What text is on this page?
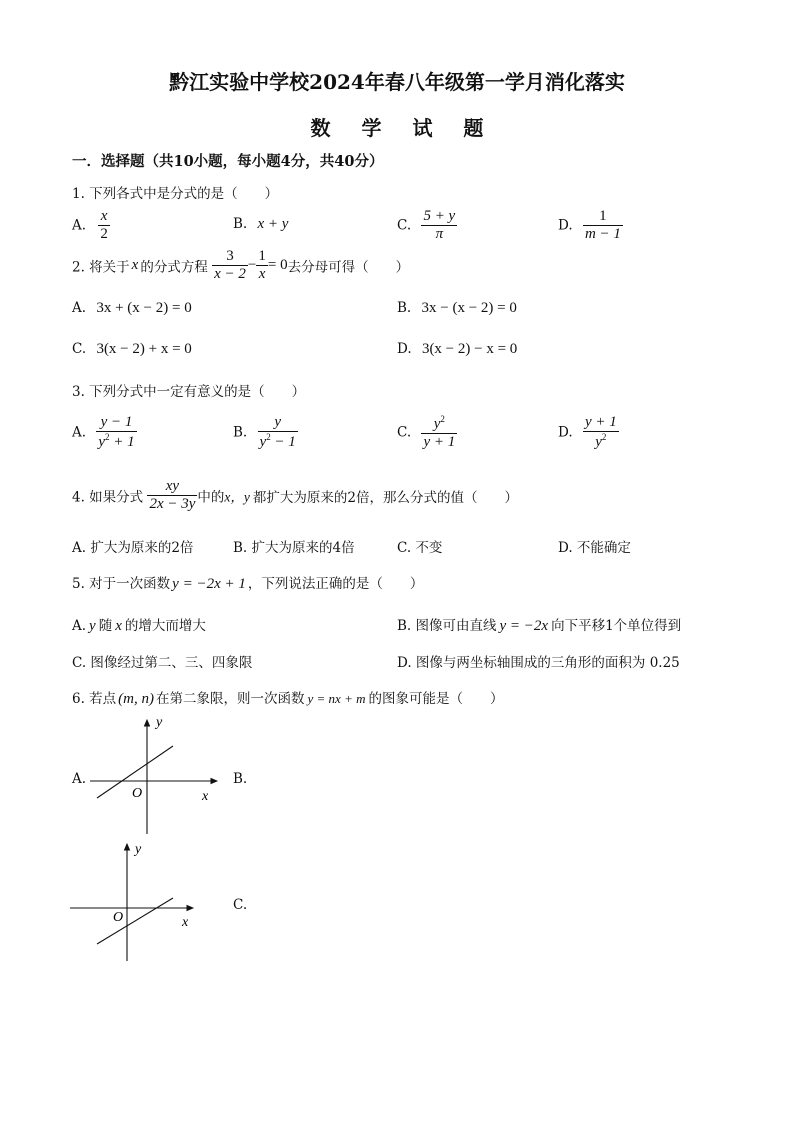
黔江实验中学校2024年春八年级第一学月消化落实
数 学 试 题
一．选择题（共10小题，每小题4分，共40分）
1. 下列各式中是分式的是（　　）
A. $\frac{x}{2}$	B. x + y	C. $\frac{5 + y}{\pi}$	D. $\frac{1}{m - 1}$
2. 将关于 x 的分式方程 $\frac{3}{x - 2} - \frac{1}{x} = 0$去分母可得（　　）
A. 3x + (x − 2) = 0	B. 3x − (x − 2) = 0
C. 3(x − 2) + x = 0	D. 3(x − 2) − x = 0
3. 下列分式中一定有意义的是（　　）
A. $\frac{y - 1}{y^2 + 1}$	B. $\frac{y}{y^2 - 1}$	C. $\frac{y^2}{y + 1}$	D. $\frac{y + 1}{y^2}$
4. 如果分式 $\frac{xy}{2x - 3y}$ 中的x，y 都扩大为原来的2倍，那么分式的值（　　）
A. 扩大为原来的2倍	B. 扩大为原来的4倍	C. 不变	D. 不能确定
5. 对于一次函数 y = −2x + 1 ，下列说法正确的是（　　）
A. y 随 x 的增大而增大	B. 图像可由直线 y = −2x 向下平移1个单位得到
C. 图像经过第二、三、四象限	D. 图像与两坐标轴围成的三角形的面积为 0.25
6. 若点 (m, n) 在第二象限，则一次函数 y = nx + m 的图象可能是（　　）
A.	B.
C.
y
x
O
y
x
O
